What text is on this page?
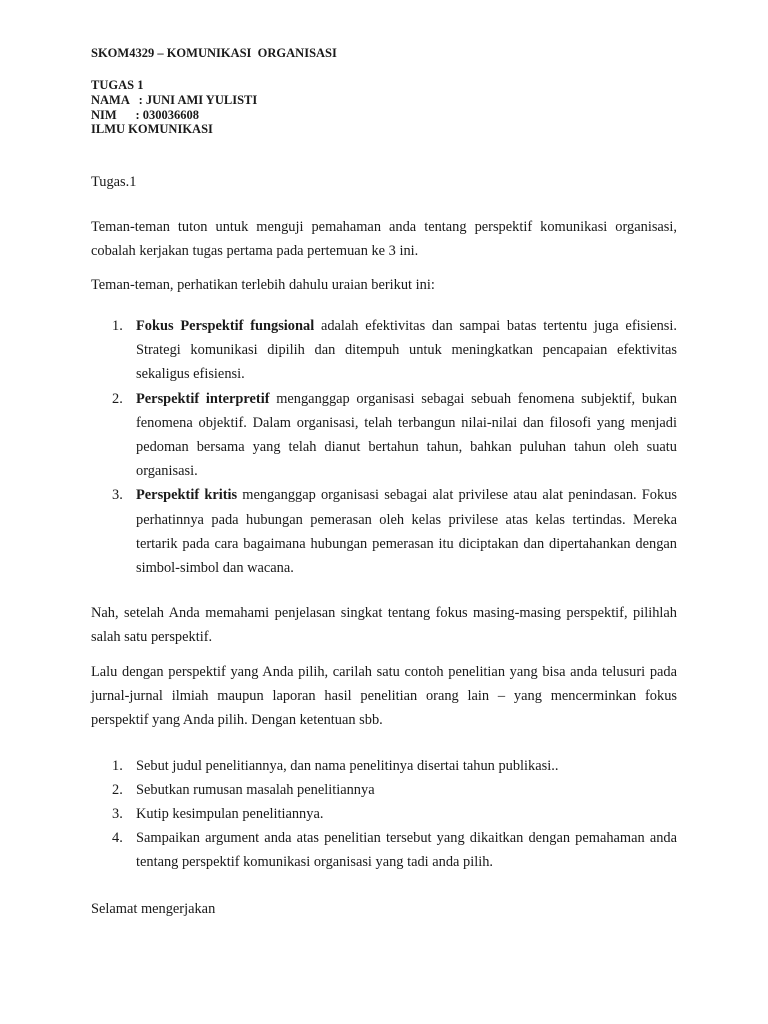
SKOM4329 – KOMUNIKASI  ORGANISASI
TUGAS 1
NAMA   : JUNI AMI YULISTI
NIM      : 030036608
ILMU KOMUNIKASI
Tugas.1
Teman-teman tuton untuk menguji pemahaman anda tentang perspektif komunikasi organisasi, cobalah kerjakan tugas pertama pada pertemuan ke 3 ini.
Teman-teman, perhatikan terlebih dahulu uraian berikut ini:
1. Fokus Perspektif fungsional adalah efektivitas dan sampai batas tertentu juga efisiensi. Strategi komunikasi dipilih dan ditempuh untuk meningkatkan pencapaian efektivitas sekaligus efisiensi.
2. Perspektif interpretif menganggap organisasi sebagai sebuah fenomena subjektif, bukan fenomena objektif. Dalam organisasi, telah terbangun nilai-nilai dan filosofi yang menjadi pedoman bersama yang telah dianut bertahun tahun, bahkan puluhan tahun oleh suatu organisasi.
3. Perspektif kritis menganggap organisasi sebagai alat privilese atau alat penindasan. Fokus perhatinnya pada hubungan pemerasan oleh kelas privilese atas kelas tertindas. Mereka tertarik pada cara bagaimana hubungan pemerasan itu diciptakan dan dipertahankan dengan simbol-simbol dan wacana.
Nah, setelah Anda memahami penjelasan singkat tentang fokus masing-masing perspektif, pilihlah salah satu perspektif.
Lalu dengan perspektif yang Anda pilih, carilah satu contoh penelitian yang bisa anda telusuri pada jurnal-jurnal ilmiah maupun laporan hasil penelitian orang lain – yang mencerminkan fokus perspektif yang Anda pilih. Dengan ketentuan sbb.
1. Sebut judul penelitiannya, dan nama penelitinya disertai tahun publikasi..
2. Sebutkan rumusan masalah penelitiannya
3. Kutip kesimpulan penelitiannya.
4. Sampaikan argument anda atas penelitian tersebut yang dikaitkan dengan pemahaman anda tentang perspektif komunikasi organisasi yang tadi anda pilih.
Selamat mengerjakan
